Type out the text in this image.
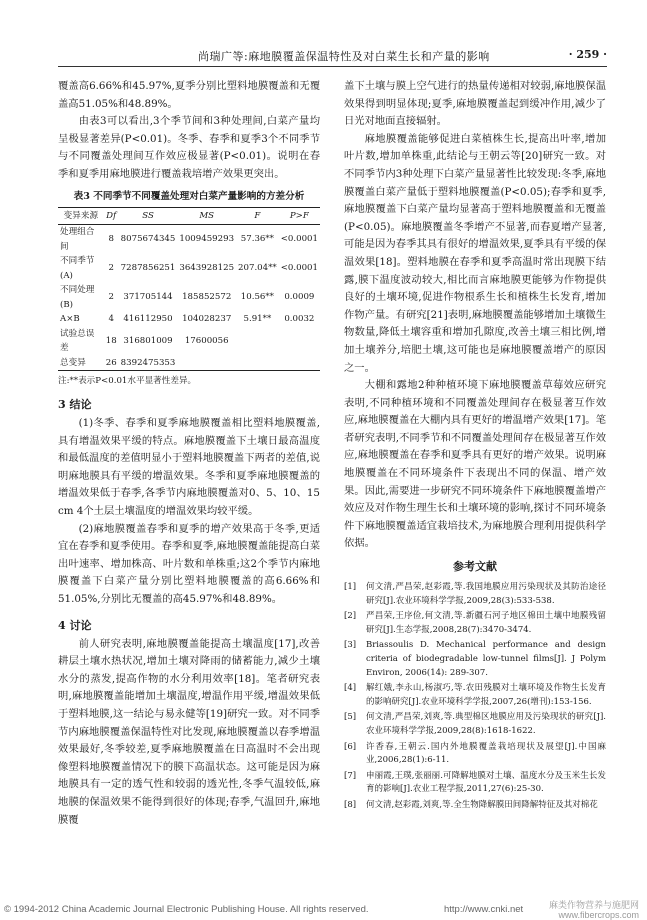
尚瑞广等:麻地膜覆盖保温特性及对白菜生长和产量的影响	· 259 ·

覆盖高6.66%和45.97%,夏季分别比塑料地膜覆盖和无覆盖高51.05%和48.89%。

由表3可以看出,3个季节间和3种处理间,白菜产量均呈极显著差异(P<0.01)。冬季、春季和夏季3个不同季节与不同覆盖处理间互作效应极显著(P<0.01)。说明在春季和夏季用麻地膜进行覆盖栽培增产效果更突出。

表3 不同季节不同覆盖处理对白菜产量影响的方差分析
变异来源	Df	SS	MS	F	P>F
处理组合间	8	8075674345	1009459293	57.36**	<0.0001
不同季节(A)	2	7287856251	3643928125	207.04**	<0.0001
不同处理(B)	2	371705144	185852572	10.56**	0.0009
A×B	4	416112950	104028237	5.91**	0.0032
试验总误差	18	316801009	17600056		
总变异	26	8392475353			
注:**表示P<0.01水平显著性差异。
3 结论

(1)冬季、春季和夏季麻地膜覆盖相比塑料地膜覆盖,具有增温效果平缓的特点。麻地膜覆盖下土壤日最高温度和最低温度的差值明显小于塑料地膜覆盖下两者的差值,说明麻地膜具有平缓的增温效果。冬季和夏季麻地膜覆盖的增温效果低于春季,各季节内麻地膜覆盖对0、5、10、15 cm 4个土层土壤温度的增温效果均较平缓。

(2)麻地膜覆盖春季和夏季的增产效果高于冬季,更适宜在春季和夏季使用。春季和夏季,麻地膜覆盖能提高白菜出叶速率、增加株高、叶片数和单株重;这2个季节内麻地膜覆盖下白菜产量分别比塑料地膜覆盖的高6.66%和51.05%,分别比无覆盖的高45.97%和48.89%。

4 讨论

前人研究表明,麻地膜覆盖能提高土壤温度[17],改善耕层土壤水热状况,增加土壤对降雨的储蓄能力,减少土壤水分的蒸发,提高作物的水分利用效率[18]。笔者研究表明,麻地膜覆盖能增加土壤温度,增温作用平缓,增温效果低于塑料地膜,这一结论与易永健等[19]研究一致。对不同季节内麻地膜覆盖保温特性对比发现,麻地膜覆盖以春季增温效果最好,冬季较差,夏季麻地膜覆盖在日高温时不会出现像塑料地膜覆盖情况下的膜下高温状态。这可能是因为麻地膜具有一定的透气性和较弱的透光性,冬季气温较低,麻地膜的保温效果不能得到很好的体现;春季,气温回升,麻地膜覆

盖下土壤与膜上空气进行的热量传递相对较弱,麻地膜保温效果得到明显体现;夏季,麻地膜覆盖起到缓冲作用,减少了日光对地面直接辐射。

麻地膜覆盖能够促进白菜植株生长,提高出叶率,增加叶片数,增加单株重,此结论与王朝云等[20]研究一致。对不同季节内3种处理下白菜产量显著性比较发现:冬季,麻地膜覆盖白菜产量低于塑料地膜覆盖(P<0.05);春季和夏季,麻地膜覆盖下白菜产量均显著高于塑料地膜覆盖和无覆盖(P<0.05)。麻地膜覆盖冬季增产不显著,而春夏增产显著,可能是因为春季其具有很好的增温效果,夏季具有平缓的保温效果[18]。塑料地膜在春季和夏季高温时常出现膜下结露,膜下温度波动较大,相比而言麻地膜更能够为作物提供良好的土壤环境,促进作物根系生长和植株生长发育,增加作物产量。有研究[21]表明,麻地膜覆盖能够增加土壤微生物数量,降低土壤容重和增加孔隙度,改善土壤三相比例,增加土壤养分,培肥土壤,这可能也是麻地膜覆盖增产的原因之一。

大棚和露地2种种植环境下麻地膜覆盖草莓效应研究表明,不同种植环境和不同覆盖处理间存在极显著互作效应,麻地膜覆盖在大棚内具有更好的增温增产效果[17]。笔者研究表明,不同季节和不同覆盖处理间存在极显著互作效应,麻地膜覆盖在春季和夏季具有更好的增产效果。说明麻地膜覆盖在不同环境条件下表现出不同的保温、增产效果。因此,需要进一步研究不同环境条件下麻地膜覆盖增产效应及对作物生理生长和土壤环境的影响,探讨不同环境条件下麻地膜覆盖适宜栽培技术,为麻地膜合理利用提供科学依据。

参考文献
[1]	何文清,严昌荣,赵彩霞,等.我国地膜应用污染现状及其防治途径研究[J].农业环境科学学报,2009,28(3):533-538.
[2]	严昌荣,王序俭,何文清,等.新疆石河子地区棉田土壤中地膜残留研究[J].生态学报,2008,28(7):3470-3474.
[3]	Briassoulis D. Mechanical performance and design criteria of biodegradable low-tunnel films[J]. J Polym Environ, 2006(14): 289-307.
[4]	解红娥,李永山,杨淑巧,等.农田残膜对土壤环境及作物生长发育的影响研究[J].农业环境科学学报,2007,26(增刊):153-156.
[5]	何文清,严昌荣,刘爽,等.典型棉区地膜应用及污染现状的研究[J].农业环境科学学报,2009,28(8):1618-1622.
[6]	许香春,王朝云.国内外地膜覆盖栽培现状及展望[J].中国麻业,2006,28(1):6-11.
[7]	申丽霞,王璞,张丽丽.可降解地膜对土壤、温度水分及玉米生长发育的影响[J].农业工程学报,2011,27(6):25-30.
[8]	何文清,赵彩霞,刘爽,等.全生物降解膜田间降解特征及其对棉花
© 1994-2012 China Academic Journal Electronic Publishing House. All rights reserved.	http://www.cnki.net	麻类作物营养与施肥网
www.fibercrops.com
